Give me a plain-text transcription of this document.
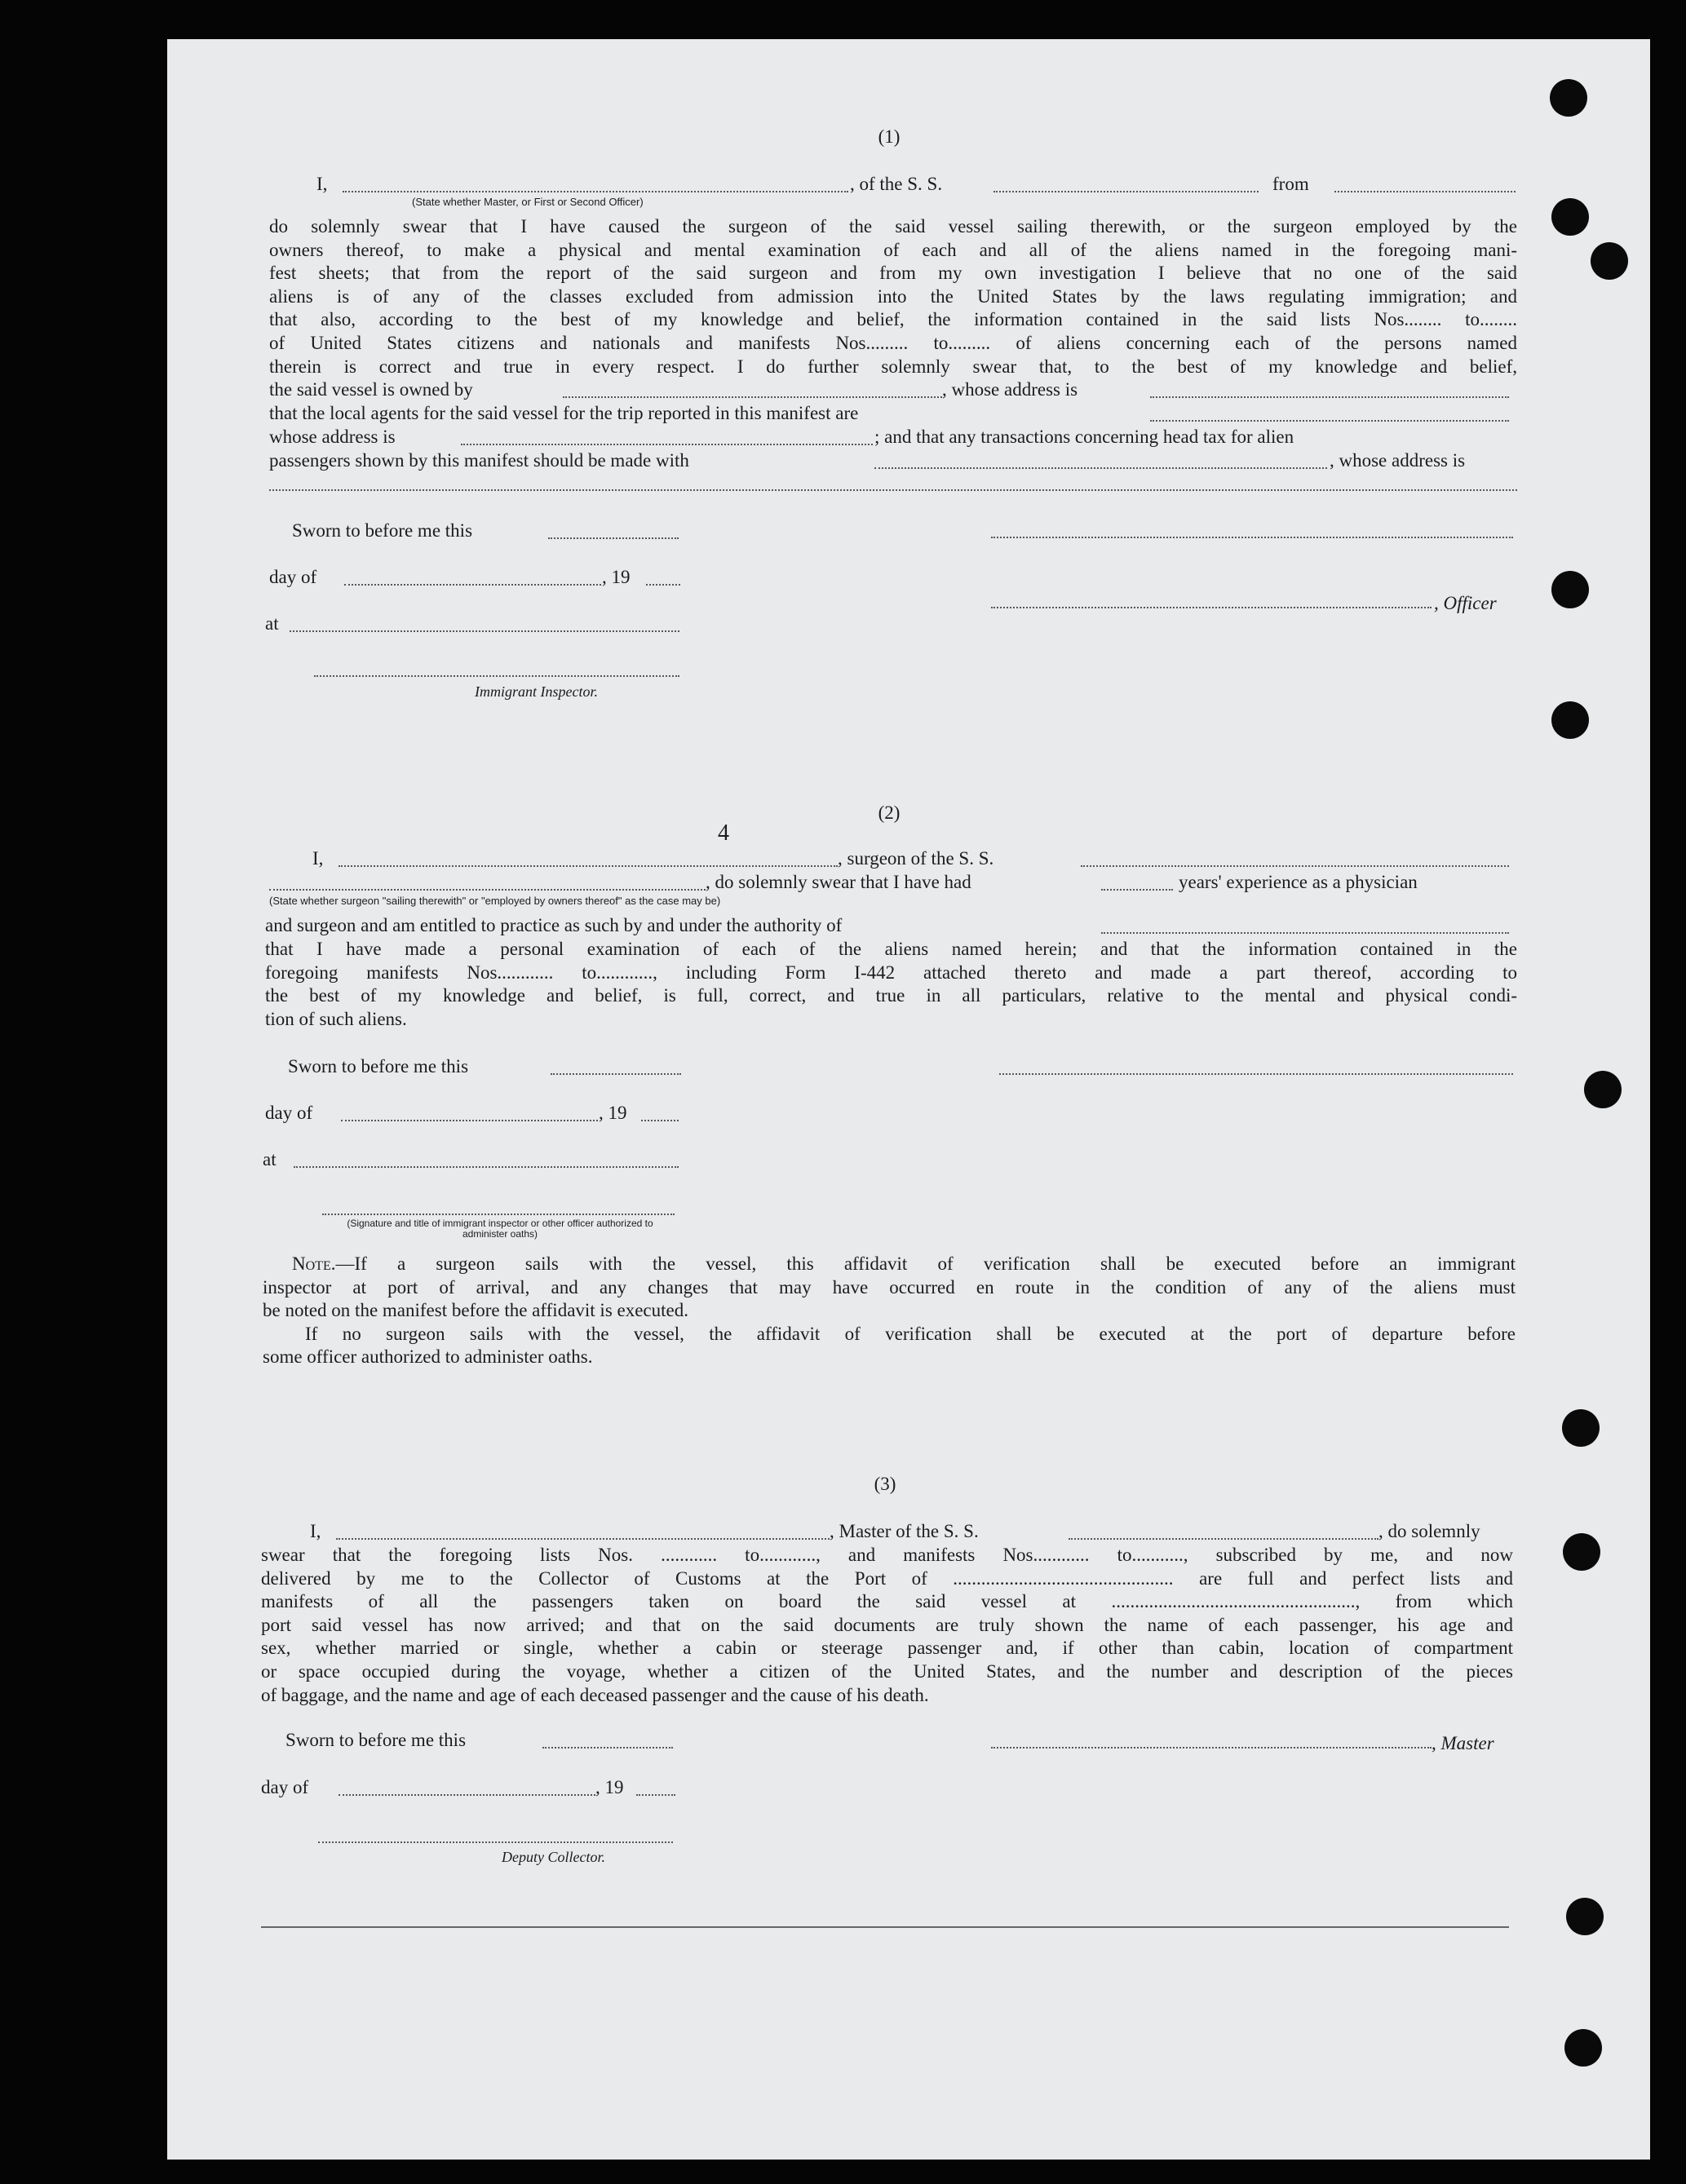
(1)
I,
(State whether Master, or First or Second Officer)
, of the S. S.	from
do solemnly swear that I have caused the surgeon of the said vessel sailing therewith, or the surgeon employed by the
owners thereof, to make a physical and mental examination of each and all of the aliens named in the foregoing mani-
fest sheets; that from the report of the said surgeon and from my own investigation I believe that no one of the said
aliens is of any of the classes excluded from admission into the United States by the laws regulating immigration; and
that also, according to the best of my knowledge and belief, the information contained in the said lists Nos........ to........
of United States citizens and nationals and manifests Nos......... to......... of aliens concerning each of the persons named
therein is correct and true in every respect. I do further solemnly swear that, to the best of my knowledge and belief,
the said vessel is owned by	, whose address is
that the local agents for the said vessel for the trip reported in this manifest are
whose address is	; and that any transactions concerning head tax for alien
passengers shown by this manifest should be made with	, whose address is
Sworn to before me this
day of	, 19
at
Immigrant Inspector.
, Officer
(2)
4
I,	, surgeon of the S. S.
, do solemnly swear that I have had	years' experience as a physician
(State whether surgeon "sailing therewith" or "employed by owners thereof" as the case may be)
and surgeon and am entitled to practice as such by and under the authority of
that I have made a personal examination of each of the aliens named herein; and that the information contained in the
foregoing manifests Nos............ to............, including Form I-442 attached thereto and made a part thereof, according to
the best of my knowledge and belief, is full, correct, and true in all particulars, relative to the mental and physical condi-
tion of such aliens.
Sworn to before me this
day of	, 19
at
(Signature and title of immigrant inspector or other officer authorized to administer oaths)
Note. —If a surgeon sails with the vessel, this affidavit of verification shall be executed before an immigrant
inspector at port of arrival, and any changes that may have occurred en route in the condition of any of the aliens must
be noted on the manifest before the affidavit is executed.
If no surgeon sails with the vessel, the affidavit of verification shall be executed at the port of departure before
some officer authorized to administer oaths.
(3)
I,	, Master of the S. S.	, do solemnly
swear that the foregoing lists Nos. ............ to............, and manifests Nos............ to..........., subscribed by me, and now
delivered by me to the Collector of Customs at the Port of ............................................... are full and perfect lists and
manifests of all the passengers taken on board the said vessel at ...................................................., from which
port said vessel has now arrived; and that on the said documents are truly shown the name of each passenger, his age and
sex, whether married or single, whether a cabin or steerage passenger and, if other than cabin, location of compartment
or space occupied during the voyage, whether a citizen of the United States, and the number and description of the pieces
of baggage, and the name and age of each deceased passenger and the cause of his death.
Sworn to before me this	, Master
day of	, 19
Deputy Collector.
